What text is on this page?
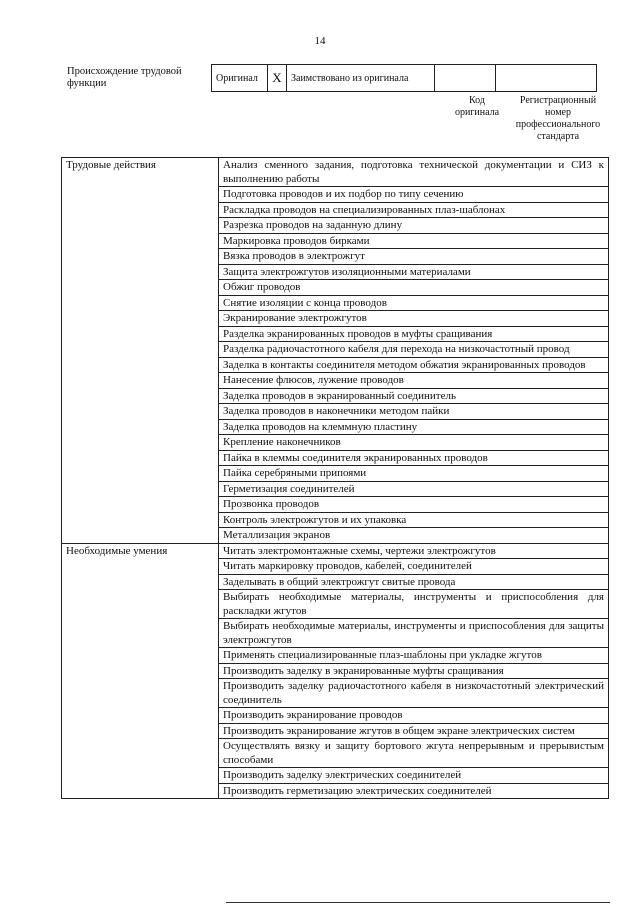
14
Происхождение трудовой функции	Оригинал	X	Заимствовано из оригинала		
Код оригинала
Регистрационный номер профессионального стандарта
Трудовые действия	Анализ сменного задания, подготовка технической документации и СИЗ к выполнению работы
	Подготовка проводов и их подбор по типу сечению
	Раскладка проводов на специализированных плаз-шаблонах
	Разрезка проводов на заданную длину
	Маркировка проводов бирками
	Вязка проводов в электрожгут
	Защита электрожгутов изоляционными материалами
	Обжиг проводов
	Снятие изоляции с конца проводов
	Экранирование электрожгутов
	Разделка экранированных проводов в муфты сращивания
	Разделка радиочастотного кабеля для перехода на низкочастотный провод
	Заделка в контакты соединителя методом обжатия экранированных проводов
	Нанесение флюсов, лужение проводов
	Заделка проводов в экранированный соединитель
	Заделка проводов в наконечники методом пайки
	Заделка проводов на клеммную пластину
	Крепление наконечников
	Пайка в клеммы соединителя экранированных проводов
	Пайка серебряными припоями
	Герметизация соединителей
	Прозвонка проводов
	Контроль электрожгутов и их упаковка
	Металлизация экранов
Необходимые умения	Читать электромонтажные схемы, чертежи электрожгутов
	Читать маркировку проводов, кабелей, соединителей
	Заделывать в общий электрожгут свитые провода
	Выбирать необходимые материалы, инструменты и приспособления для раскладки жгутов
	Выбирать необходимые материалы, инструменты и приспособления для защиты электрожгутов
	Применять специализированные плаз-шаблоны при укладке жгутов
	Производить заделку в экранированные муфты сращивания
	Производить заделку радиочастотного кабеля в низкочастотный электрический соединитель
	Производить экранирование проводов
	Производить экранирование жгутов в общем экране электрических систем
	Осуществлять вязку и защиту бортового жгута непрерывным и прерывистым способами
	Производить заделку электрических соединителей
	Производить герметизацию электрических соединителей
